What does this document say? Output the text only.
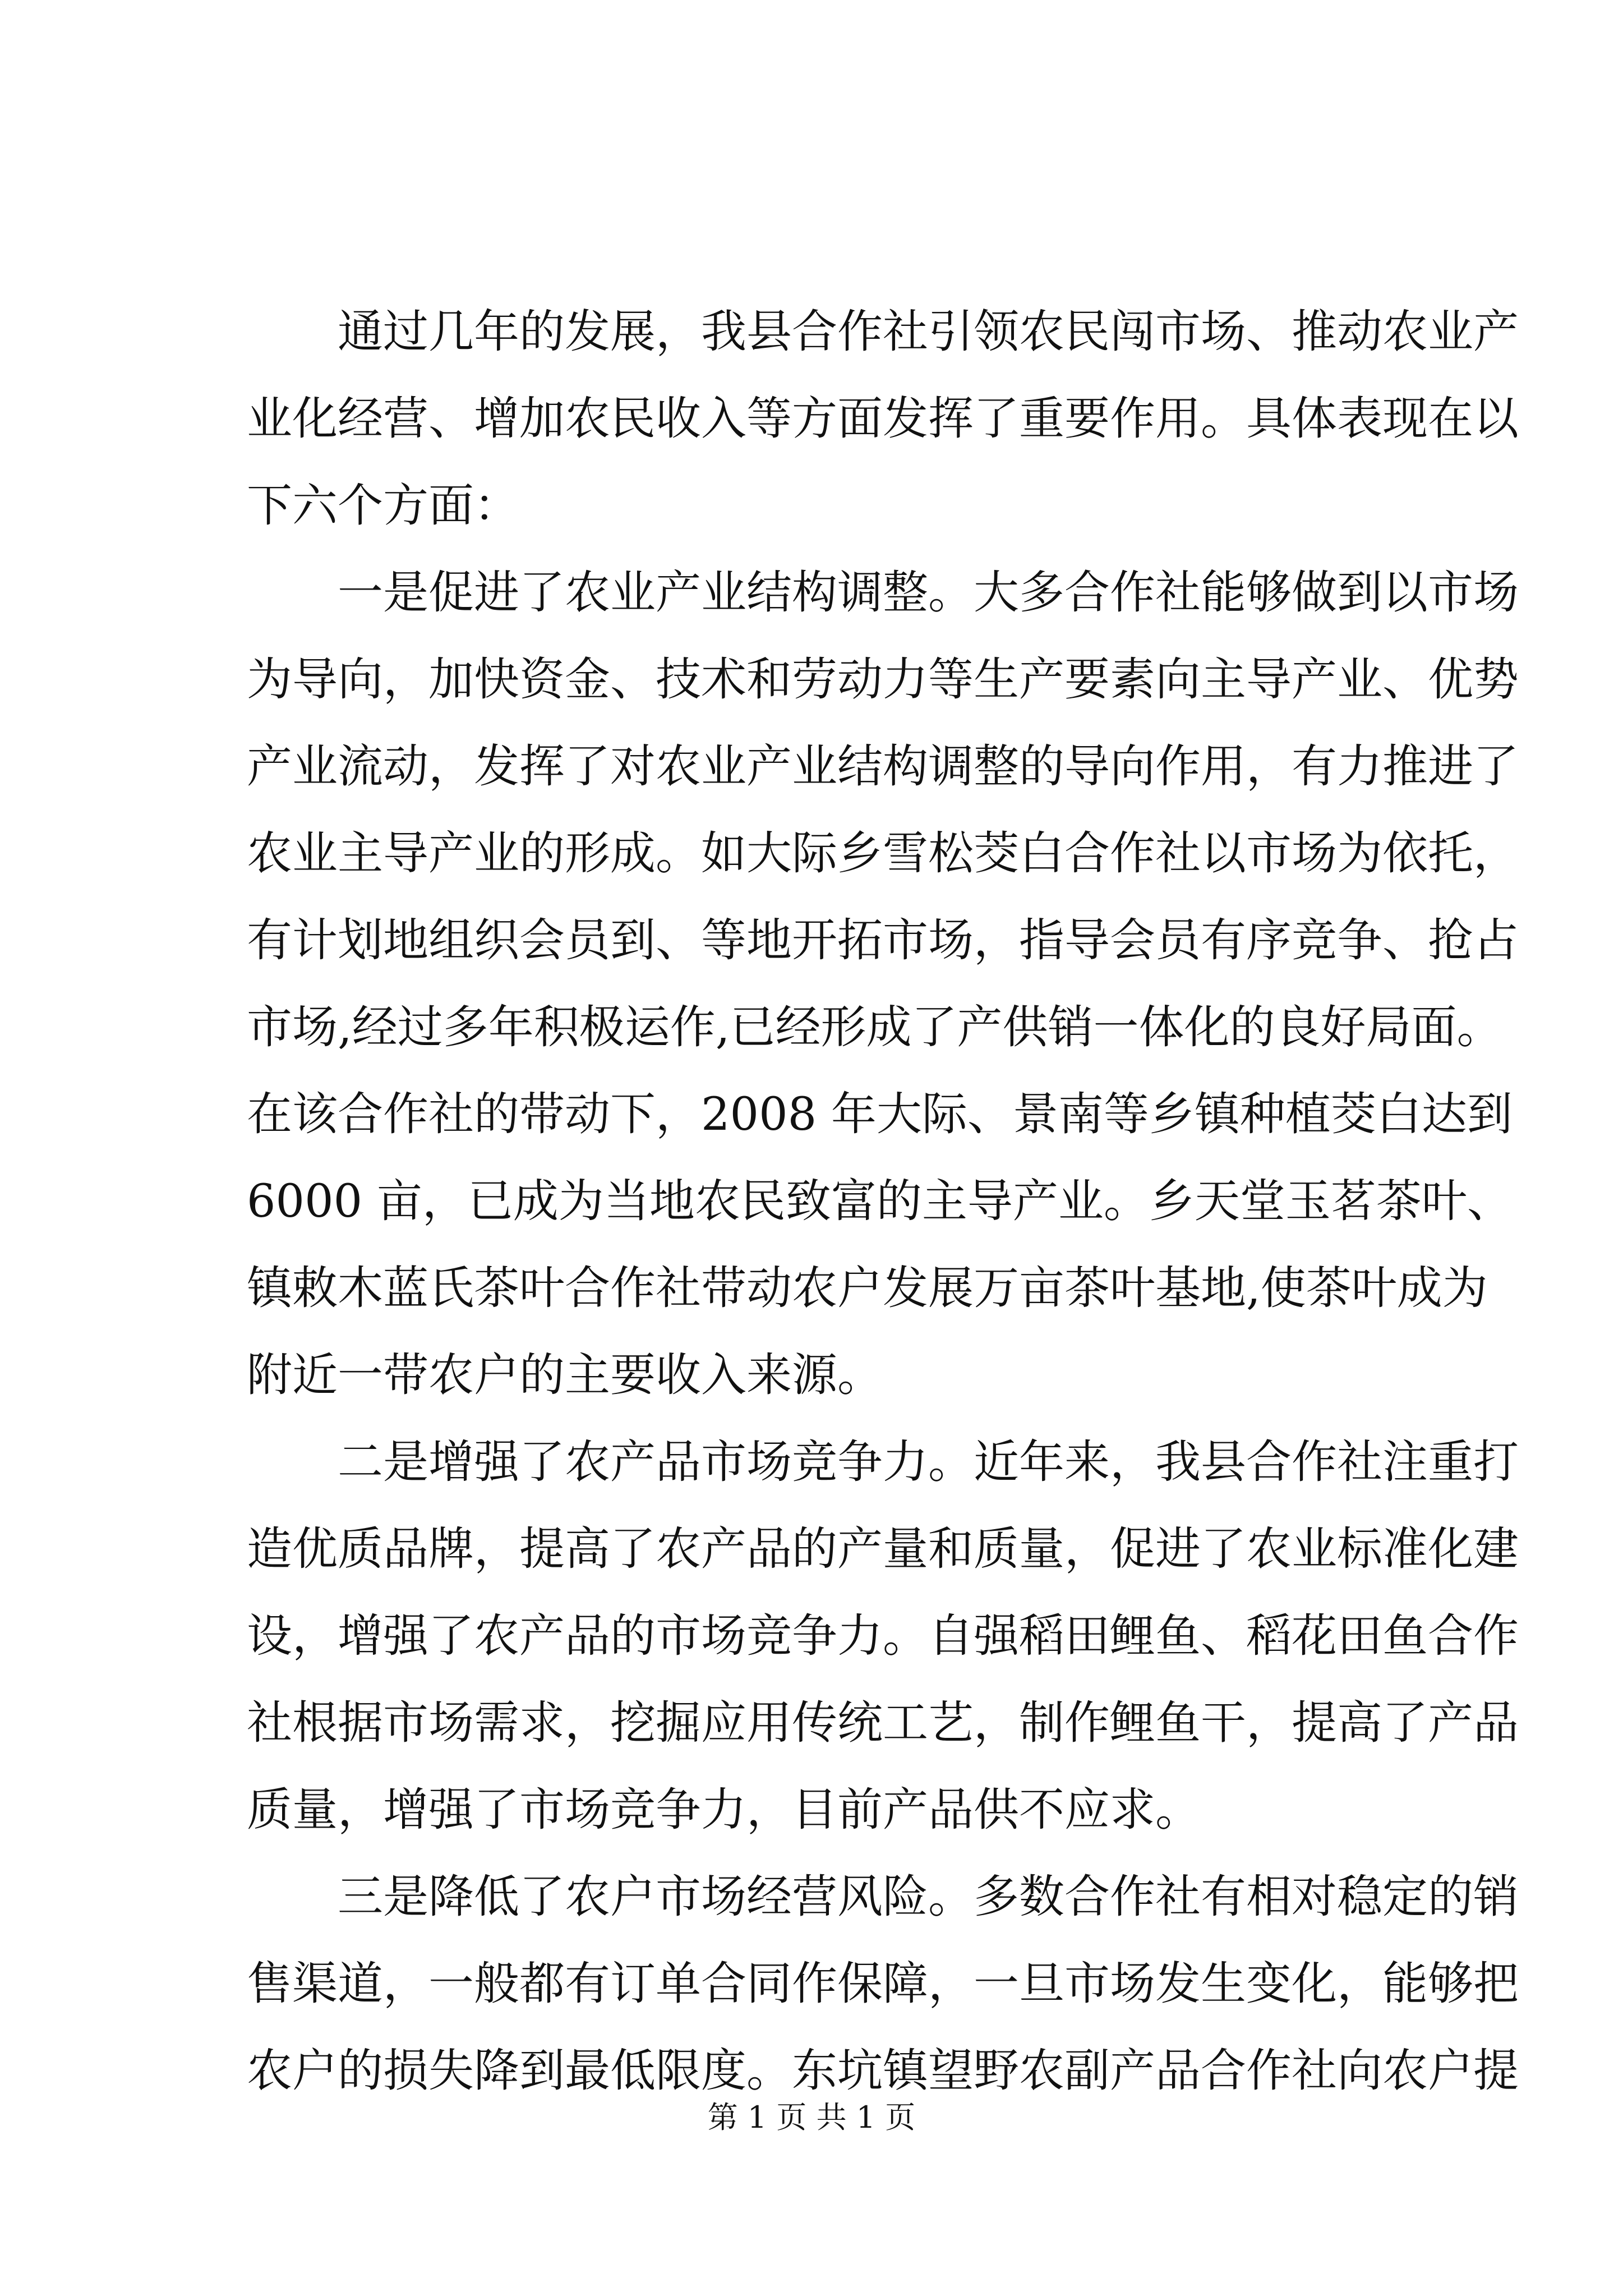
通过几年的发展，我县合作社引领农民闯市场、推动农业产
业化经营、增加农民收入等方面发挥了重要作用。具体表现在以
下六个方面：
一是促进了农业产业结构调整。大多合作社能够做到以市场
为导向，加快资金、技术和劳动力等生产要素向主导产业、优势
产业流动，发挥了对农业产业结构调整的导向作用，有力推进了
农业主导产业的形成。如大际乡雪松茭白合作社以市场为依托，
有计划地组织会员到、等地开拓市场，指导会员有序竞争、抢占
市场,经过多年积极运作,已经形成了产供销一体化的良好局面。
在该合作社的带动下，2008 年大际、景南等乡镇种植茭白达到
6000 亩，已成为当地农民致富的主导产业。乡天堂玉茗茶叶、
镇敕木蓝氏茶叶合作社带动农户发展万亩茶叶基地,使茶叶成为
附近一带农户的主要收入来源。
二是增强了农产品市场竞争力。近年来，我县合作社注重打
造优质品牌，提高了农产品的产量和质量，促进了农业标准化建
设，增强了农产品的市场竞争力。自强稻田鲤鱼、稻花田鱼合作
社根据市场需求，挖掘应用传统工艺，制作鲤鱼干，提高了产品
质量，增强了市场竞争力，目前产品供不应求。
三是降低了农户市场经营风险。多数合作社有相对稳定的销
售渠道，一般都有订单合同作保障，一旦市场发生变化，能够把
农户的损失降到最低限度。东坑镇望野农副产品合作社向农户提
第 1 页 共 1 页
